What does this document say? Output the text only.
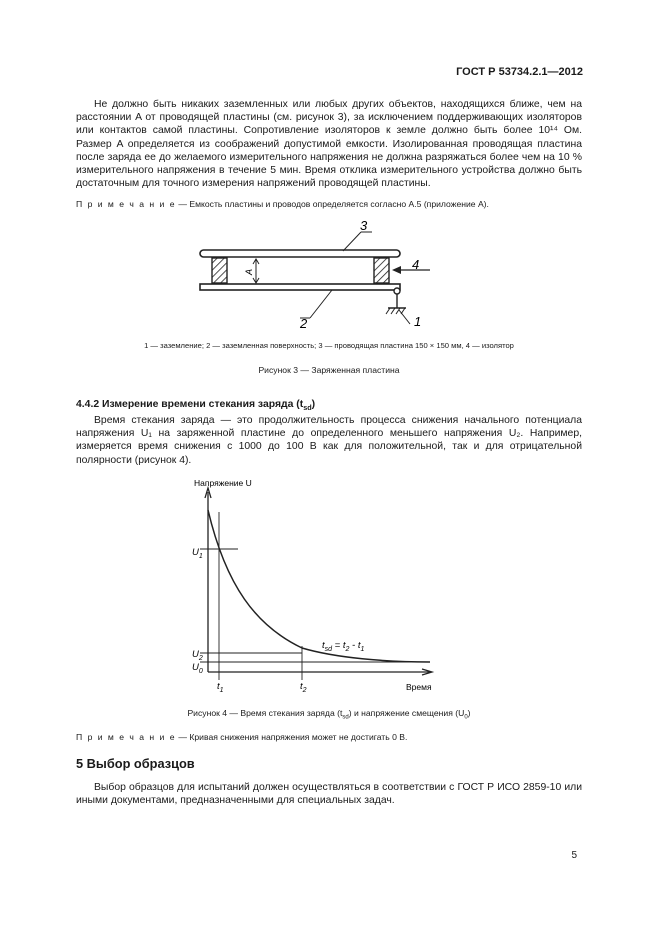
ГОСТ Р 53734.2.1—2012
Не должно быть никаких заземленных или любых других объектов, находящихся ближе, чем на расстоянии A от проводящей пластины (см. рисунок 3), за исключением поддерживающих изоляторов или контактов самой пластины. Сопротивление изоляторов к земле должно быть более 10¹⁴ Ом. Размер A определяется из соображений допустимой емкости. Изолированная проводящая пластина после заряда ее до желаемого измерительного напряжения не должна разряжаться более чем на 10 % измерительного напряжения в течение 5 мин. Время отклика измерительного устройства должно быть достаточным для точного измерения напряжений проводящей пластины.
П р и м е ч а н и е — Емкость пластины и проводов определяется согласно А.5 (приложение А).
A
3
4
2	1
1 — заземление; 2 — заземленная поверхность; 3 — проводящая пластина 150 × 150 мм, 4 — изолятор
Рисунок 3 — Заряженная пластина
4.4.2 Измерение времени стекания заряда $(t_{sd})$
Время стекания заряда — это продолжительность процесса снижения начального потенциала напряжения U₁ на заряженной пластине до определенного меньшего напряжения U₂. Например, измеряется время снижения с 1000 до 100 В как для положительной, так и для отрицательной полярности (рисунок 4).
Напряжение U
Время
$U_1$
$U_2$
$U_0$
$t_1$	$t_2$
$t_{sd} = t_2 - t_1$
Рисунок 4 — Время стекания заряда $(t_{sd})$ и напряжение смещения $(U_0)$
П р и м е ч а н и е — Кривая снижения напряжения может не достигать 0 В.
5 Выбор образцов
Выбор образцов для испытаний должен осуществляться в соответствии с ГОСТ Р ИСО 2859-10 или иными документами, предназначенными для специальных задач.
5
